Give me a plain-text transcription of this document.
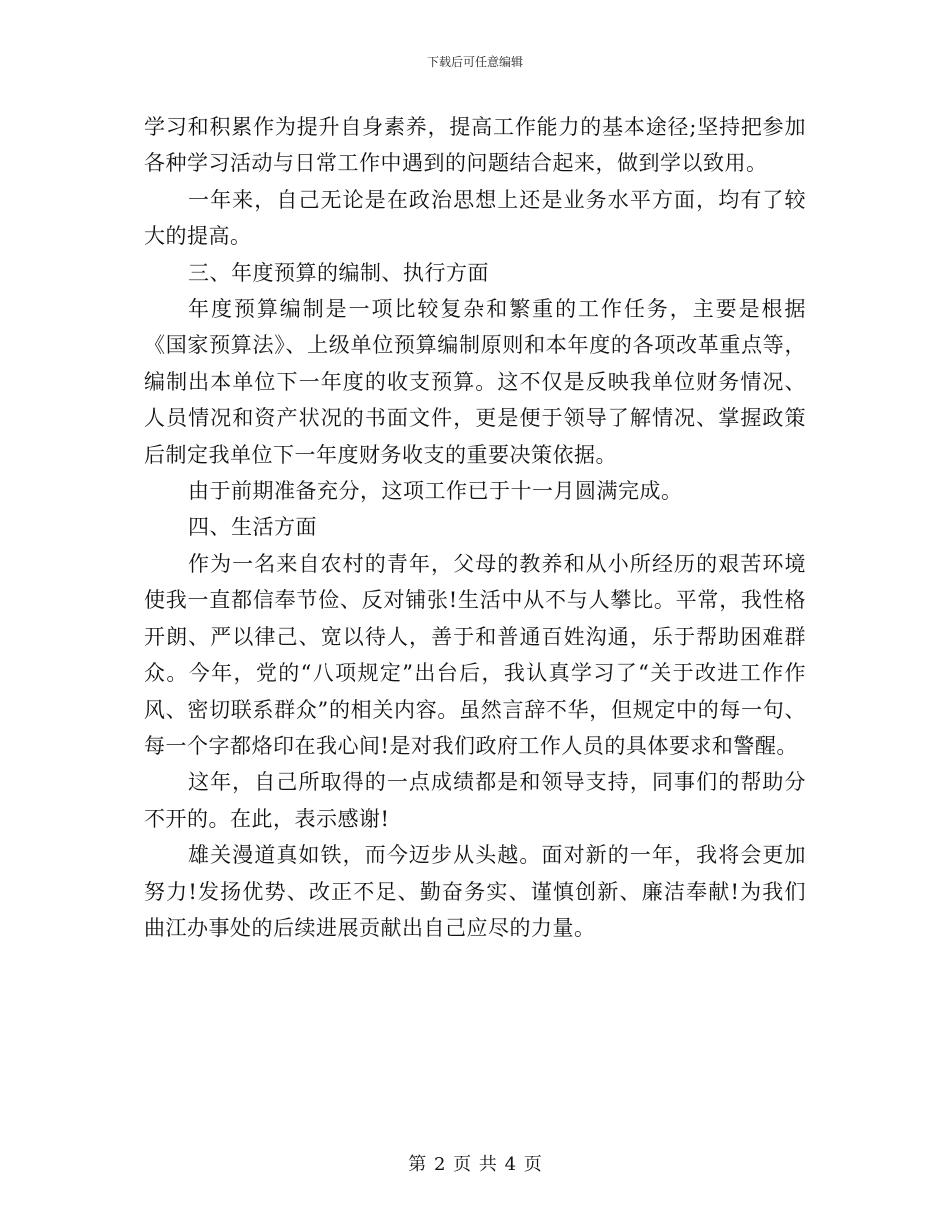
下载后可任意编辑

学习和积累作为提升自身素养，提高工作能力的基本途径;坚持把参加各种学习活动与日常工作中遇到的问题结合起来，做到学以致用。

一年来，自己无论是在政治思想上还是业务水平方面，均有了较大的提高。

三、年度预算的编制、执行方面

年度预算编制是一项比较复杂和繁重的工作任务，主要是根据《国家预算法》、上级单位预算编制原则和本年度的各项改革重点等，编制出本单位下一年度的收支预算。这不仅是反映我单位财务情况、人员情况和资产状况的书面文件，更是便于领导了解情况、掌握政策后制定我单位下一年度财务收支的重要决策依据。

由于前期准备充分，这项工作已于十一月圆满完成。

四、生活方面

作为一名来自农村的青年，父母的教养和从小所经历的艰苦环境使我一直都信奉节俭、反对铺张!生活中从不与人攀比。平常，我性格开朗、严以律己、宽以待人，善于和普通百姓沟通，乐于帮助困难群众。今年，党的“八项规定”出台后，我认真学习了“关于改进工作作风、密切联系群众”的相关内容。虽然言辞不华，但规定中的每一句、每一个字都烙印在我心间!是对我们政府工作人员的具体要求和警醒。

这年，自己所取得的一点成绩都是和领导支持，同事们的帮助分不开的。在此，表示感谢!

雄关漫道真如铁，而今迈步从头越。面对新的一年，我将会更加努力!发扬优势、改正不足、勤奋务实、谨慎创新、廉洁奉献!为我们曲江办事处的后续进展贡献出自己应尽的力量。

第 2 页 共 4 页
